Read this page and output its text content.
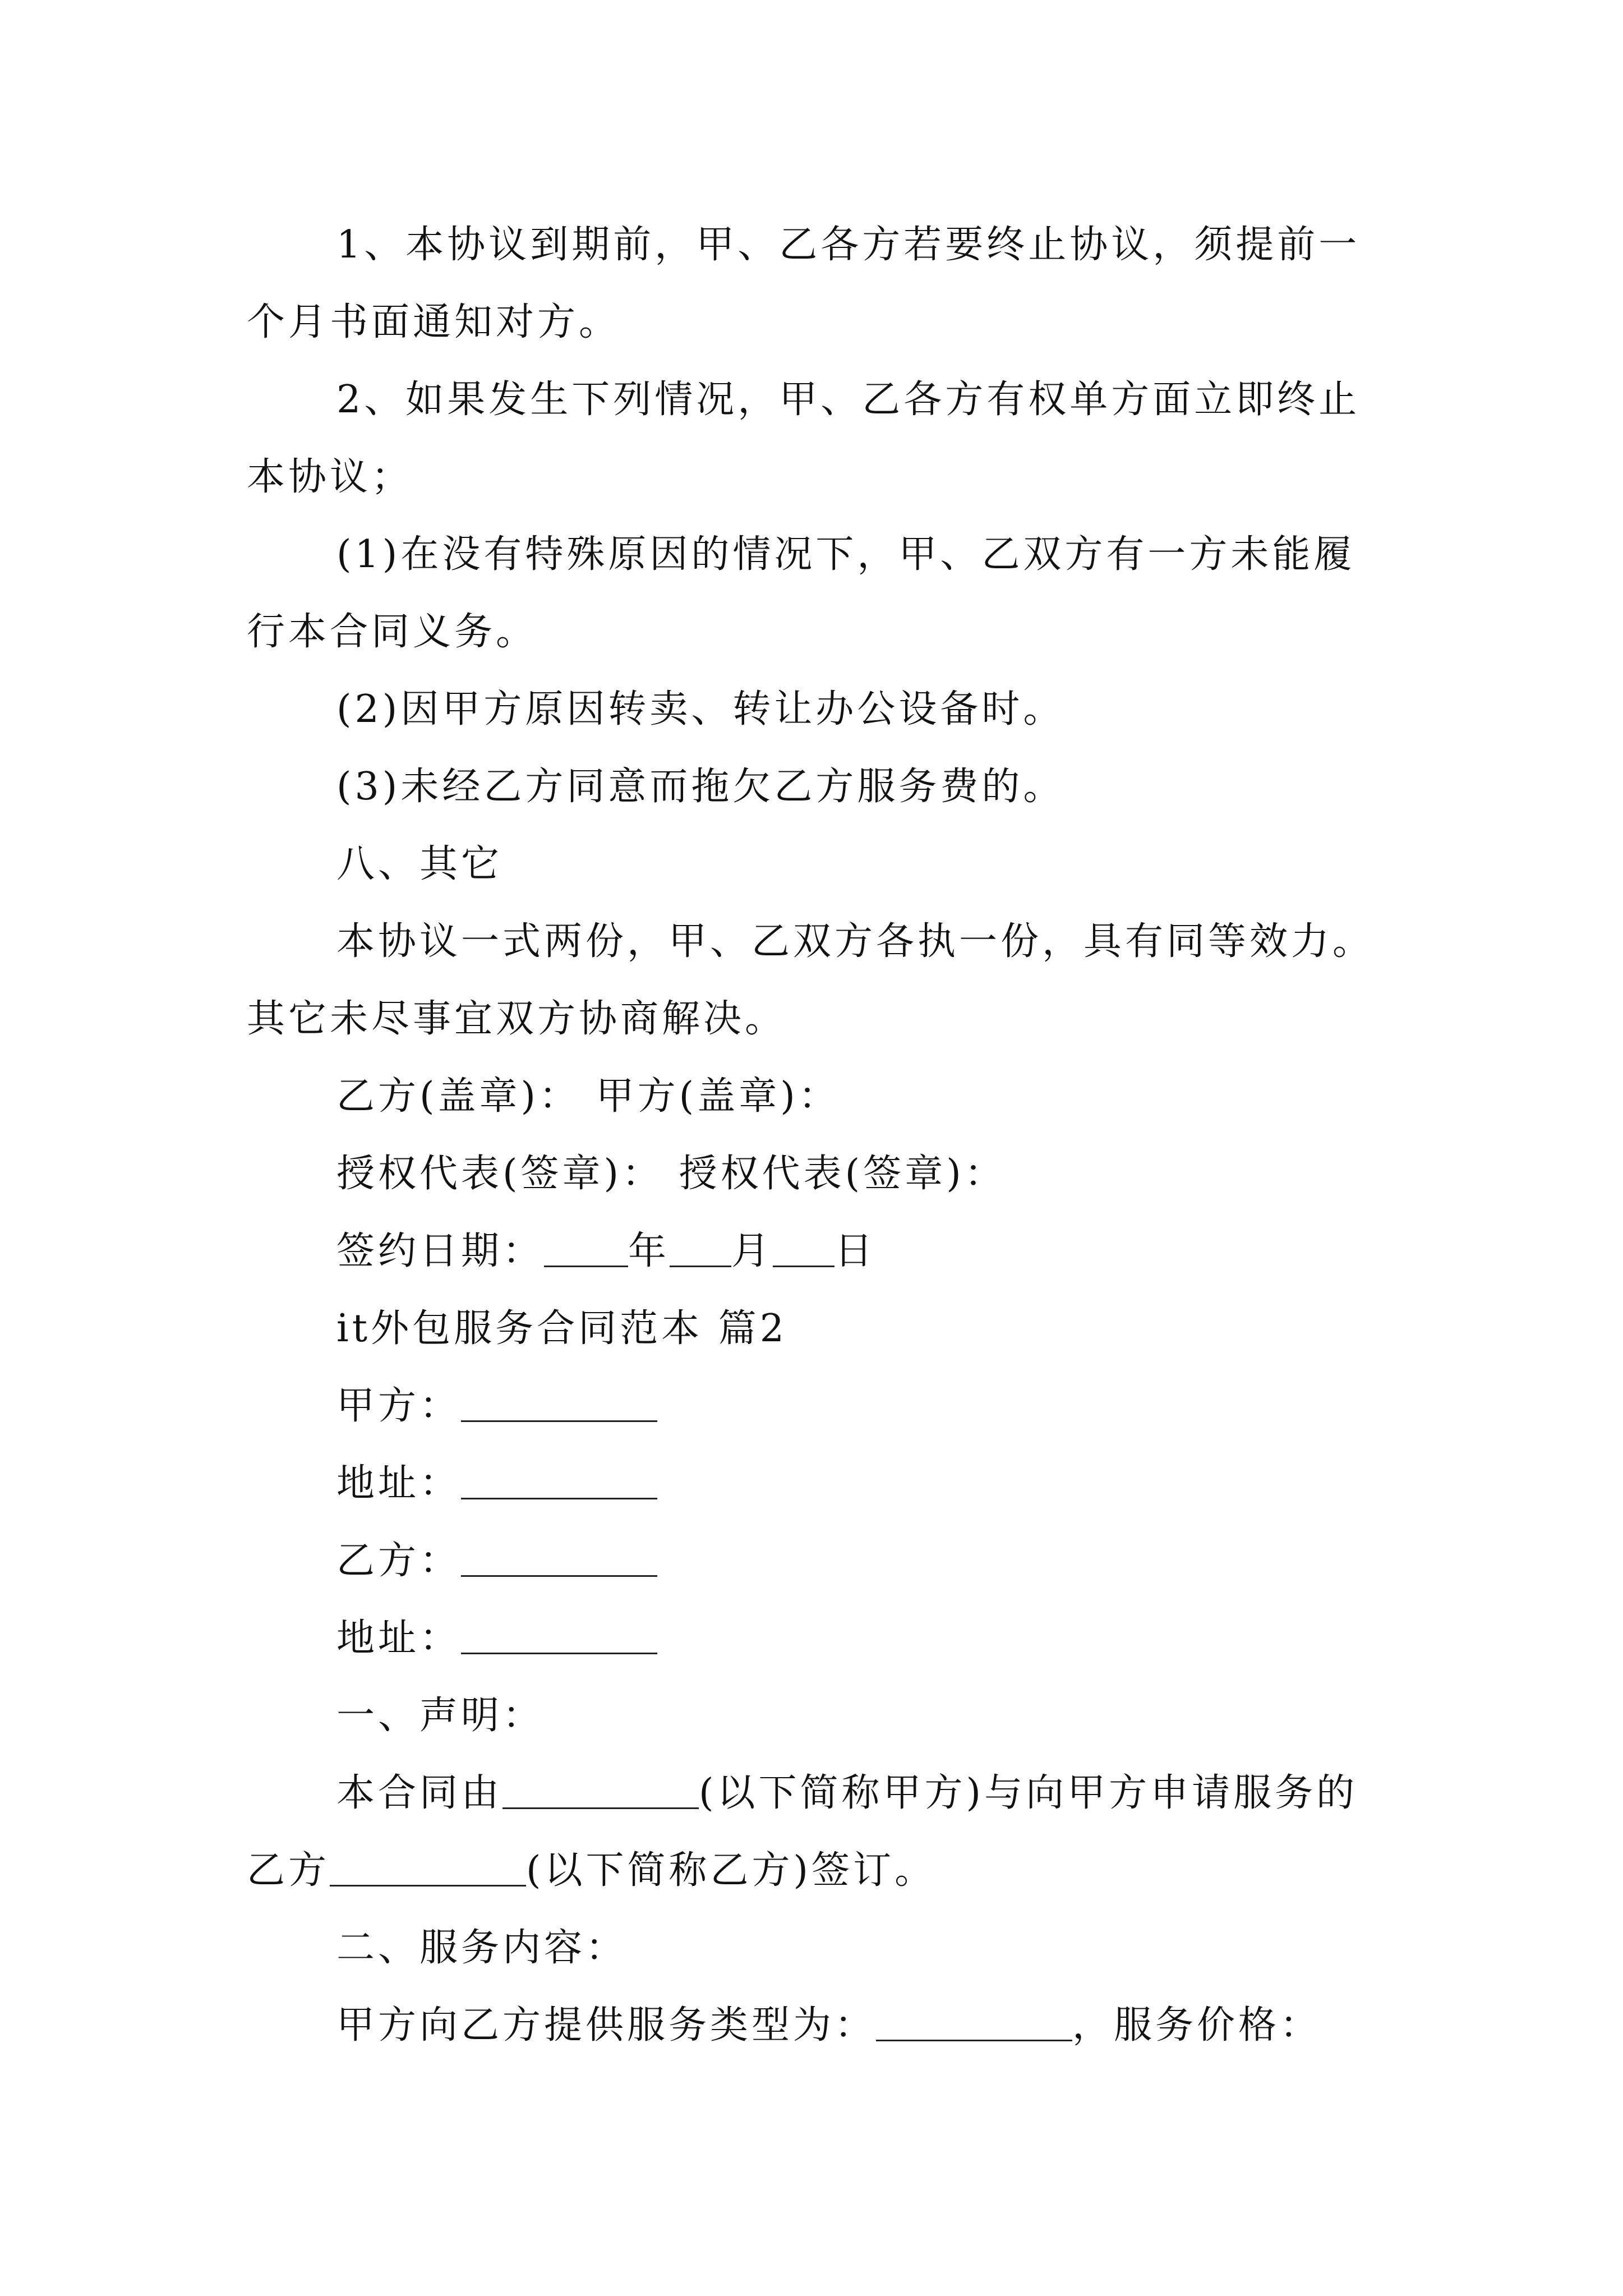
1、本协议到期前，甲、乙各方若要终止协议，须提前一个月书面通知对方。
2、如果发生下列情况，甲、乙各方有权单方面立即终止本协议；
(1)在没有特殊原因的情况下，甲、乙双方有一方未能履行本合同义务。
(2)因甲方原因转卖、转让办公设备时。
(3)未经乙方同意而拖欠乙方服务费的。
八、其它
本协议一式两份，甲、乙双方各执一份，具有同等效力。其它未尽事宜双方协商解决。
乙方(盖章)： 甲方(盖章)：
授权代表(签章)： 授权代表(签章)：
签约日期： 年 月 日
it外包服务合同范本 篇2
甲方：
地址：
乙方：
地址：
一、声明：
本合同由	(以下简称甲方)与向甲方申请服务的乙方	(以下简称乙方)签订。
二、服务内容：
甲方向乙方提供服务类型为：	，服务价格：
